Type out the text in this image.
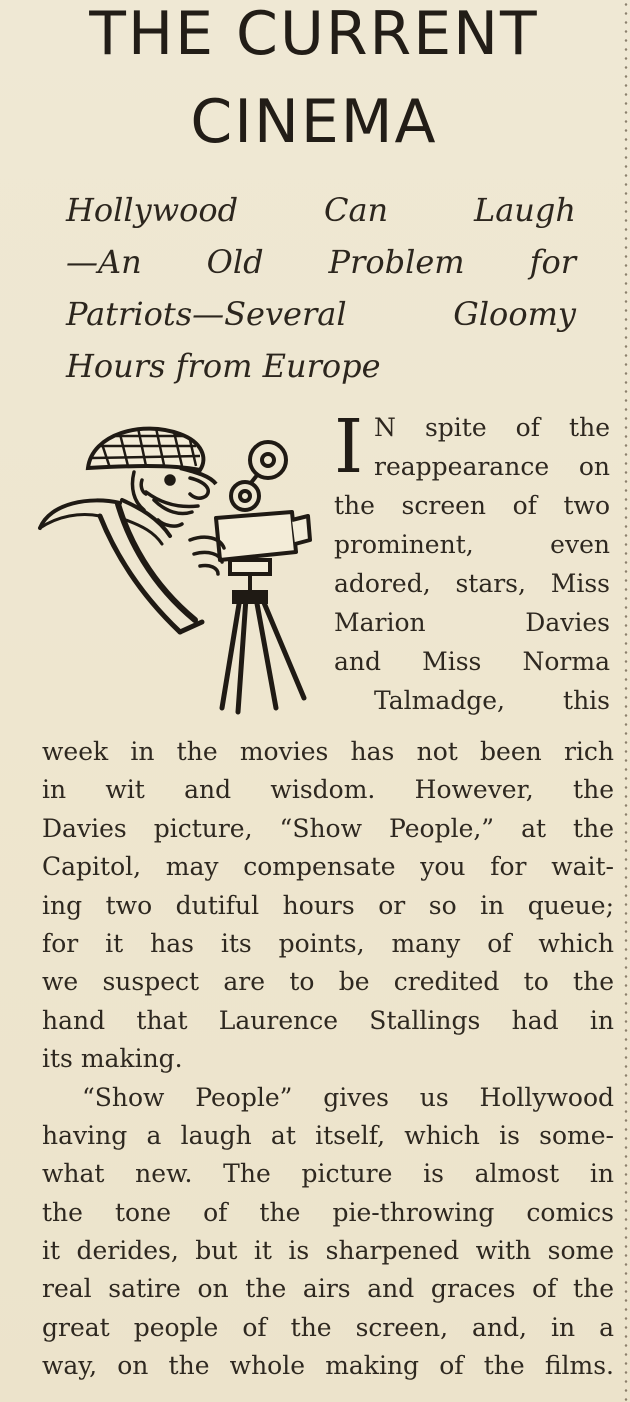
THE CURRENT
CINEMA
Hollywood Can Laugh
—An Old Problem for
Patriots—Several Gloomy
Hours from Europe
I N spite of the
reappearance on
the screen of two
prominent, even
adored, stars, Miss
Marion Davies
and Miss Norma
Talmadge, this
week in the movies has not been rich
in wit and wisdom. However, the
Davies picture, “Show People,” at the
Capitol, may compensate you for wait-
ing two dutiful hours or so in queue;
for it has its points, many of which
we suspect are to be credited to the
hand that Laurence Stallings had in
its making.
“Show People” gives us Hollywood
having a laugh at itself, which is some-
what new. The picture is almost in
the tone of the pie-throwing comics
it derides, but it is sharpened with some
real satire on the airs and graces of the
great people of the screen, and, in a
way, on the whole making of the films.
